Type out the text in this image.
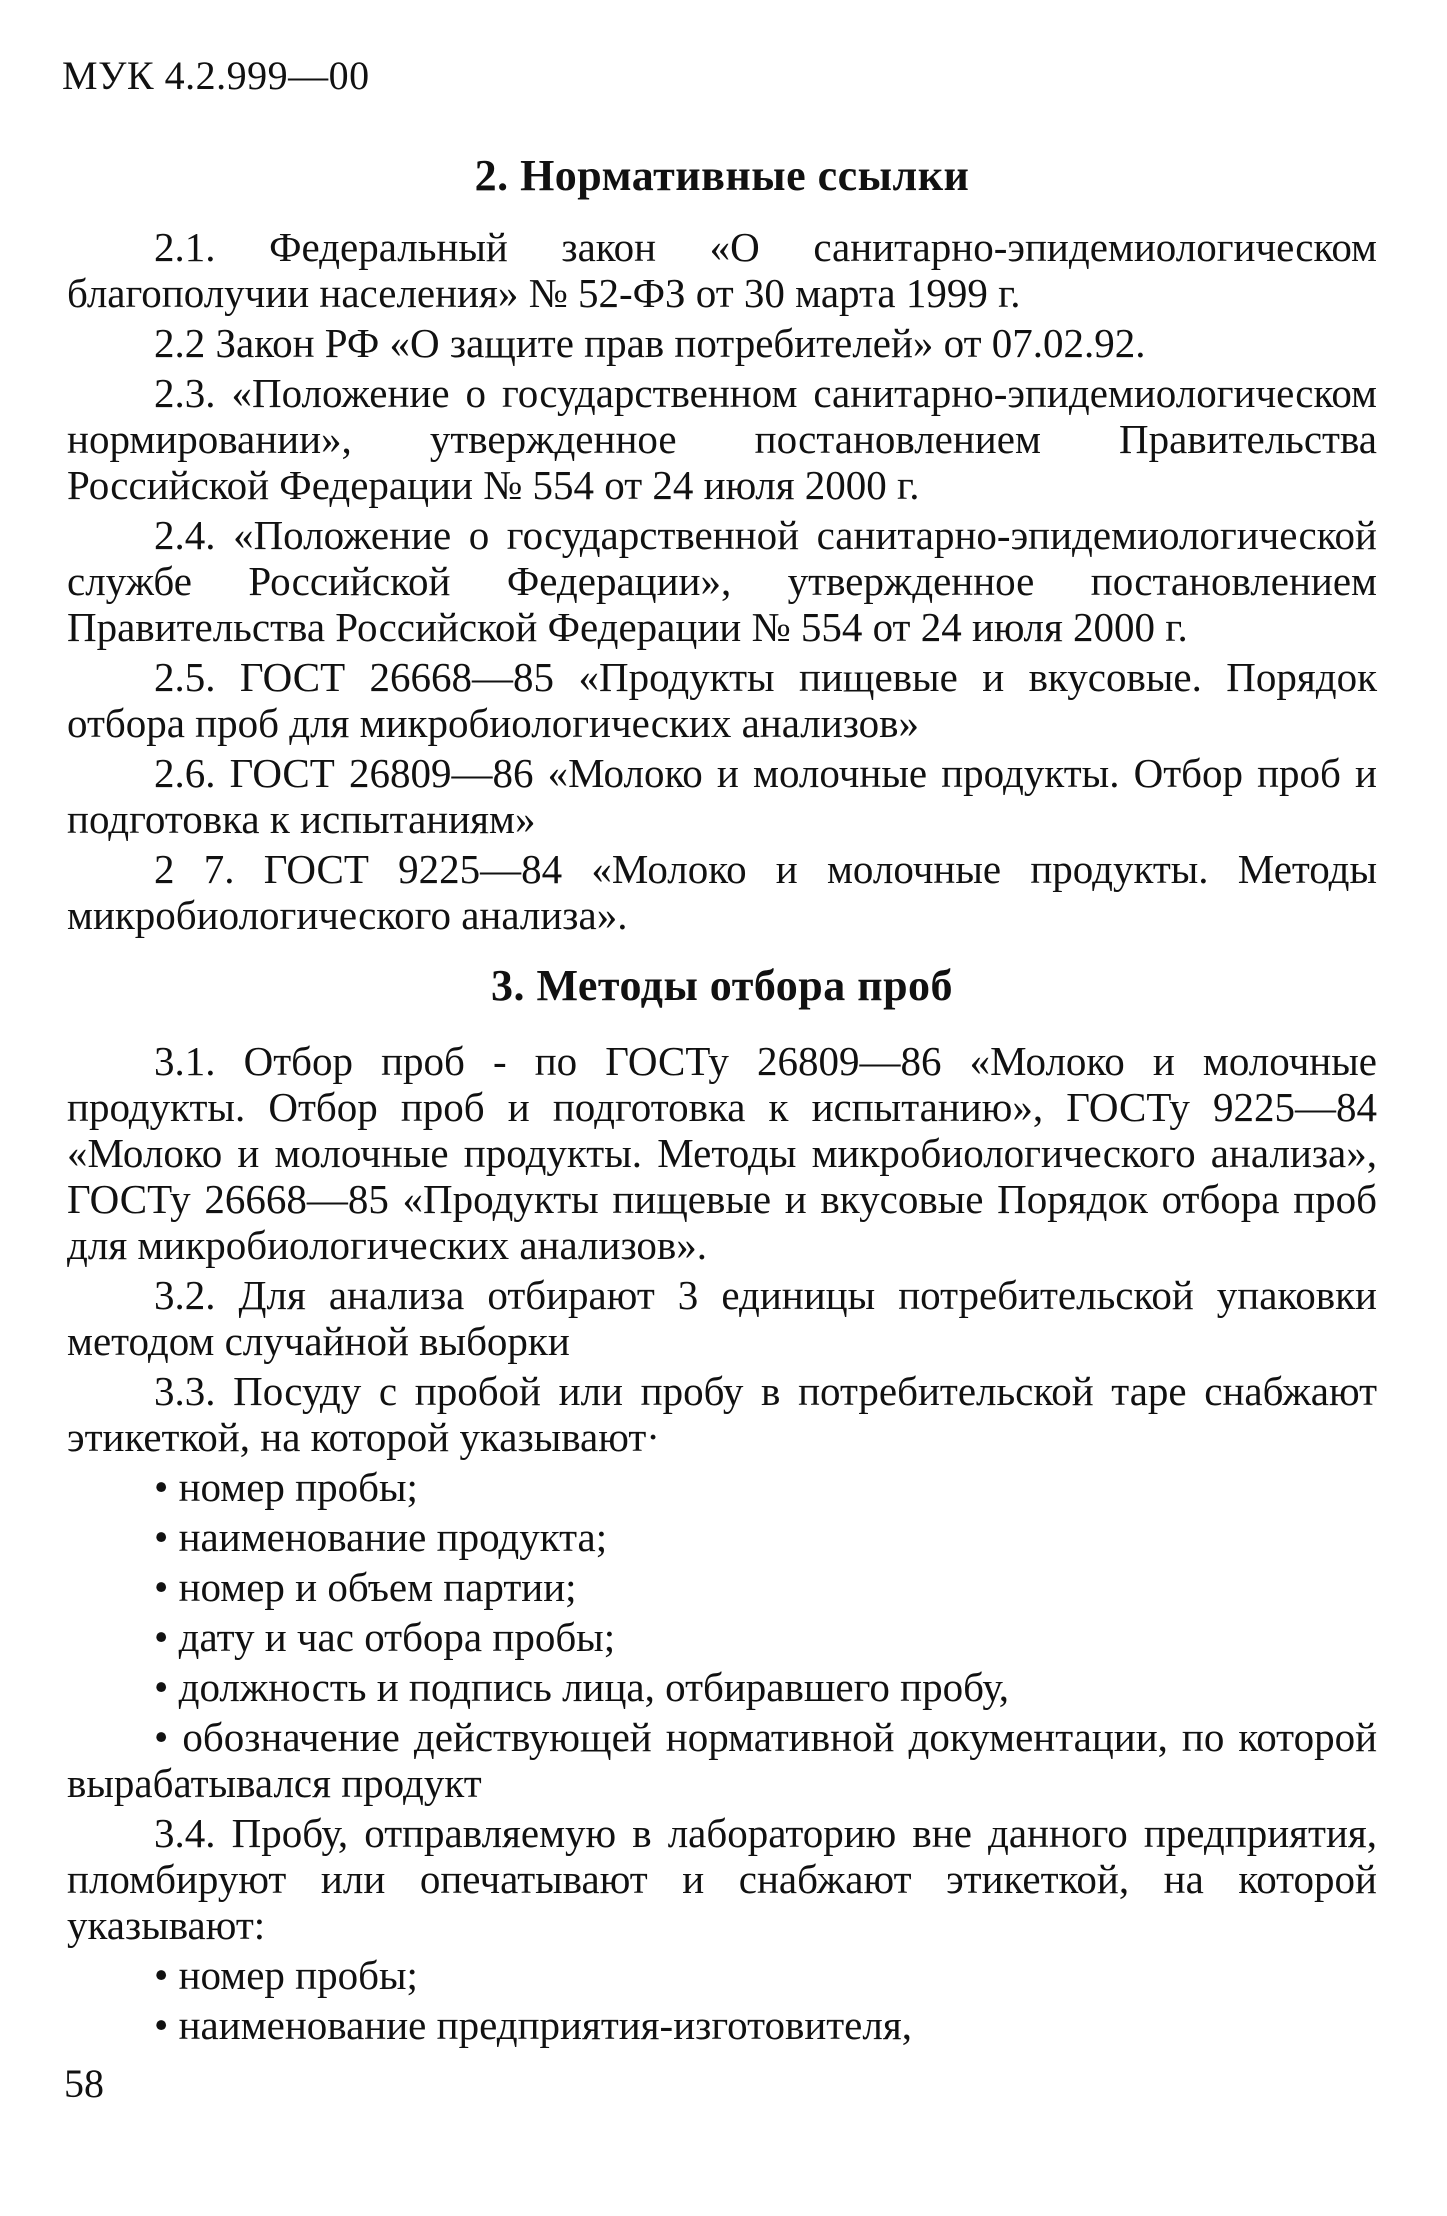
МУК 4.2.999—00
2. Нормативные ссылки

2.1. Федеральный закон «О санитарно-эпидемиологическом благополучии населения» № 52-ФЗ от 30 марта 1999 г.

2.2 Закон РФ «О защите прав потребителей» от 07.02.92.

2.3. «Положение о государственном санитарно-эпидемиологическом нормировании», утвержденное постановлением Правительства Российской Федерации № 554 от 24 июля 2000 г.

2.4. «Положение о государственной санитарно-эпидемиологической службе Российской Федерации», утвержденное постановлением Правительства Российской Федерации № 554 от 24 июля 2000 г.

2.5. ГОСТ 26668—85 «Продукты пищевые и вкусовые. Порядок отбора проб для микробиологических анализов»

2.6. ГОСТ 26809—86 «Молоко и молочные продукты. Отбор проб и подготовка к испытаниям»

2 7. ГОСТ 9225—84 «Молоко и молочные продукты. Методы микробиологического анализа».

3. Методы отбора проб

3.1. Отбор проб - по ГОСТу 26809—86 «Молоко и молочные продукты. Отбор проб и подготовка к испытанию», ГОСТу 9225—84 «Молоко и молочные продукты. Методы микробиологического анализа», ГОСТу 26668—85 «Продукты пищевые и вкусовые Порядок отбора проб для микробиологических анализов».

3.2. Для анализа отбирают 3 единицы потребительской упаковки методом случайной выборки

3.3. Посуду с пробой или пробу в потребительской таре снабжают этикеткой, на которой указывают·

• номер пробы;
• наименование продукта;
• номер и объем партии;
• дату и час отбора пробы;
• должность и подпись лица, отбиравшего пробу,
• обозначение действующей нормативной документации, по которой вырабатывался продукт

3.4. Пробу, отправляемую в лабораторию вне данного предприятия, пломбируют или опечатывают и снабжают этикеткой, на которой указывают:

• номер пробы;
• наименование предприятия-изготовителя,
58
